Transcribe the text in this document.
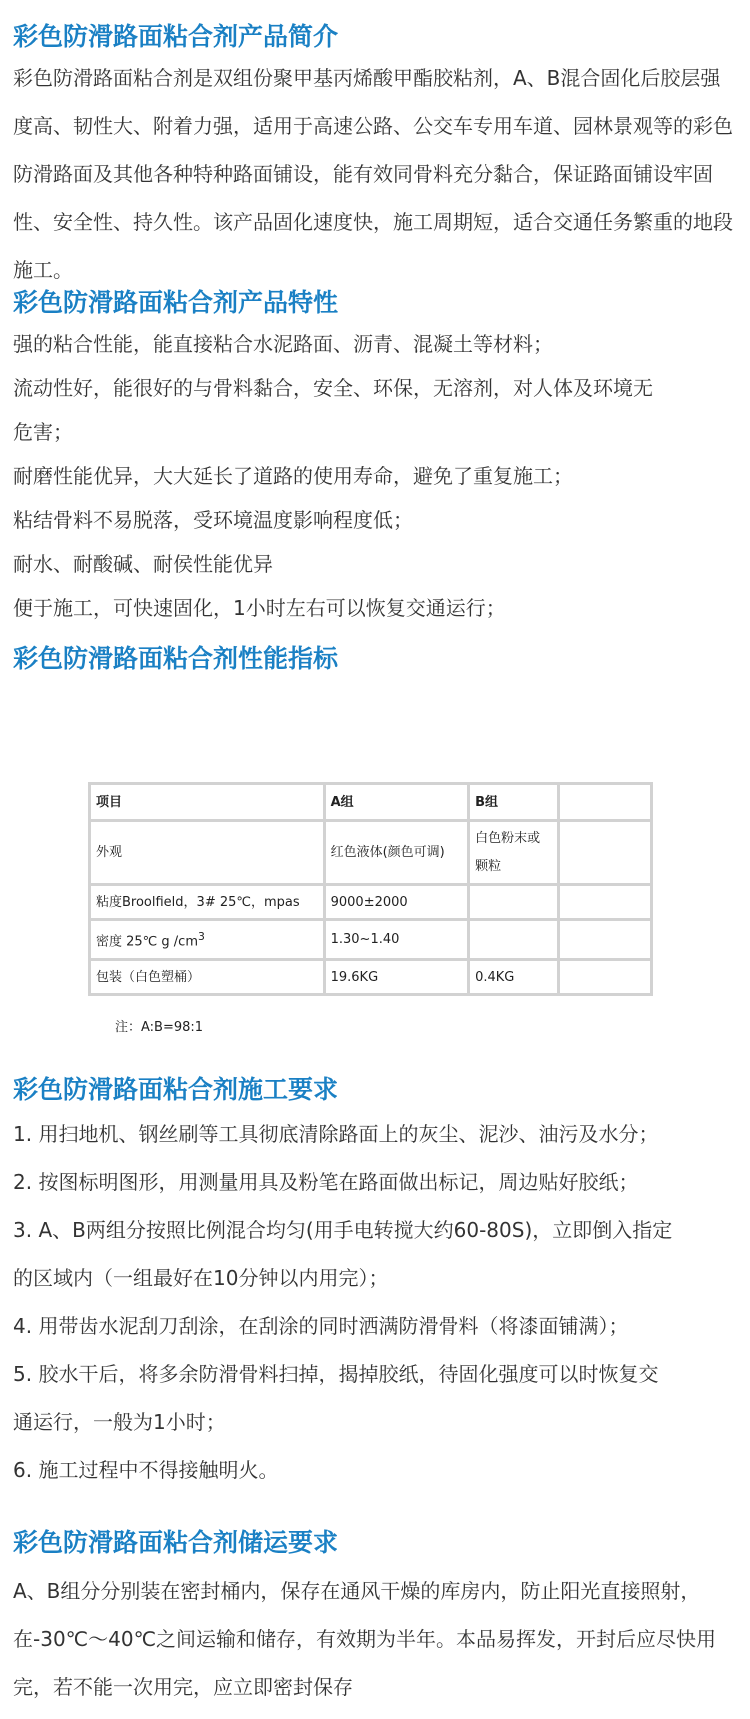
彩色防滑路面粘合剂产品简介

彩色防滑路面粘合剂是双组份聚甲基丙烯酸甲酯胶粘剂，A、B混合固化后胶层强度高、韧性大、附着力强，适用于高速公路、公交车专用车道、园林景观等的彩色防滑路面及其他各种特种路面铺设，能有效同骨料充分黏合，保证路面铺设牢固性、安全性、持久性。该产品固化速度快，施工周期短，适合交通任务繁重的地段施工。

彩色防滑路面粘合剂产品特性

强的粘合性能，能直接粘合水泥路面、沥青、混凝土等材料；

流动性好，能很好的与骨料黏合，安全、环保，无溶剂，对人体及环境无

危害；

耐磨性能优异，大大延长了道路的使用寿命，避免了重复施工；

粘结骨料不易脱落，受环境温度影响程度低；

耐水、耐酸碱、耐侯性能优异

便于施工，可快速固化，1小时左右可以恢复交通运行；

彩色防滑路面粘合剂性能指标
项目	A组	B组	
外观	红色液体(颜色可调)	白色粉末或颗粒	
粘度Broolfield，3# 25℃，mpas	9000±2000		
密度 25℃ g $/cm^3$	1.30~1.40		
包装（白色塑桶）	19.6KG	0.4KG	

注：A:B=98:1

彩色防滑路面粘合剂施工要求

1. 用扫地机、钢丝刷等工具彻底清除路面上的灰尘、泥沙、油污及水分；

2. 按图标明图形，用测量用具及粉笔在路面做出标记，周边贴好胶纸；

3. A、B两组分按照比例混合均匀(用手电转搅大约60-80S)，立即倒入指定

的区域内（一组最好在10分钟以内用完）；

4. 用带齿水泥刮刀刮涂，在刮涂的同时洒满防滑骨料（将漆面铺满）；

5. 胶水干后，将多余防滑骨料扫掉，揭掉胶纸，待固化强度可以时恢复交

通运行，一般为1小时；

6. 施工过程中不得接触明火。

彩色防滑路面粘合剂储运要求

A、B组分分别装在密封桶内，保存在通风干燥的库房内，防止阳光直接照射，在-30℃～40℃之间运输和储存，有效期为半年。本品易挥发，开封后应尽快用完，若不能一次用完，应立即密封保存
